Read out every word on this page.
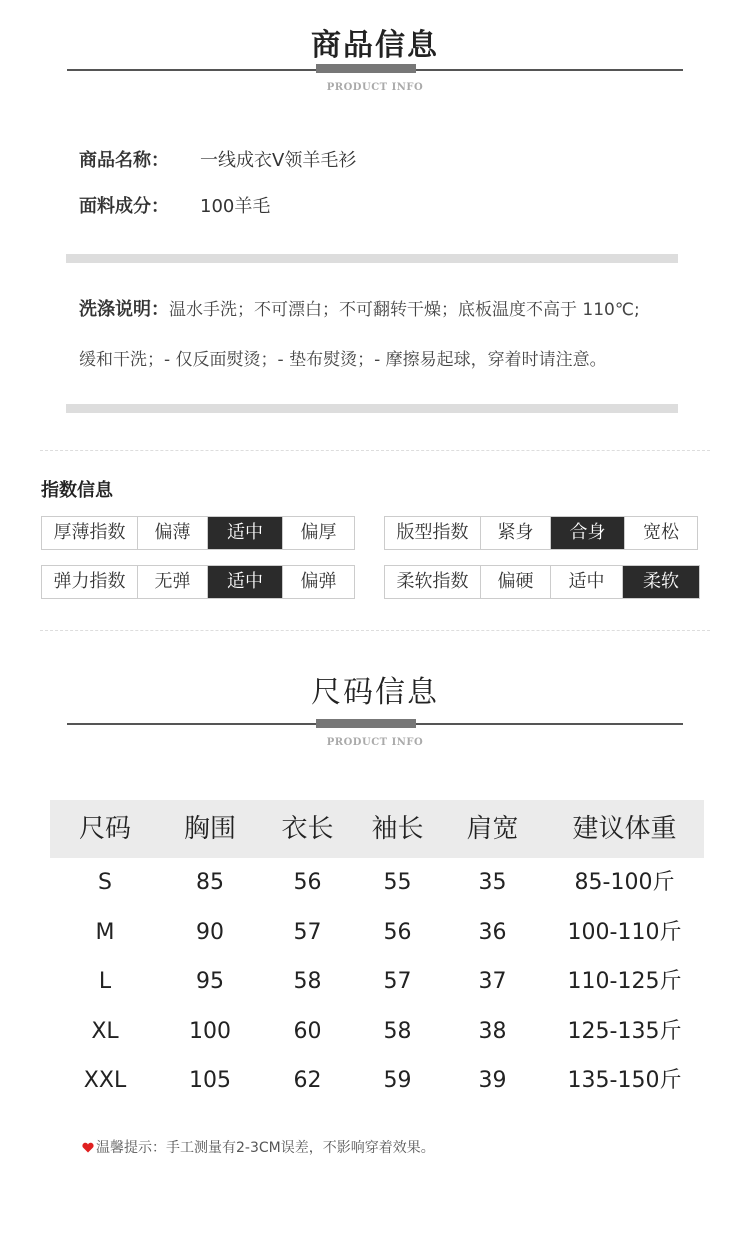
商品信息
PRODUCT INFO
商品名称： 一线成衣V领羊毛衫
面料成分： 100羊毛
洗涤说明：温水手洗；不可漂白；不可翻转干燥；底板温度不高于 110℃;
缓和干洗；- 仅反面熨烫；- 垫布熨烫；- 摩擦易起球，穿着时请注意。
指数信息
厚薄指数	偏薄	适中	偏厚	版型指数	紧身	合身	宽松
弹力指数	无弹	适中	偏弹	柔软指数	偏硬	适中	柔软
尺码信息
PRODUCT INFO
尺码	胸围	衣长	袖长	肩宽	建议体重
S	85	56	55	35	85-100斤
M	90	57	56	36	100-110斤
L	95	58	57	37	110-125斤
XL	100	60	58	38	125-135斤
XXL	105	62	59	39	135-150斤
温馨提示：手工测量有2-3CM误差，不影响穿着效果。
